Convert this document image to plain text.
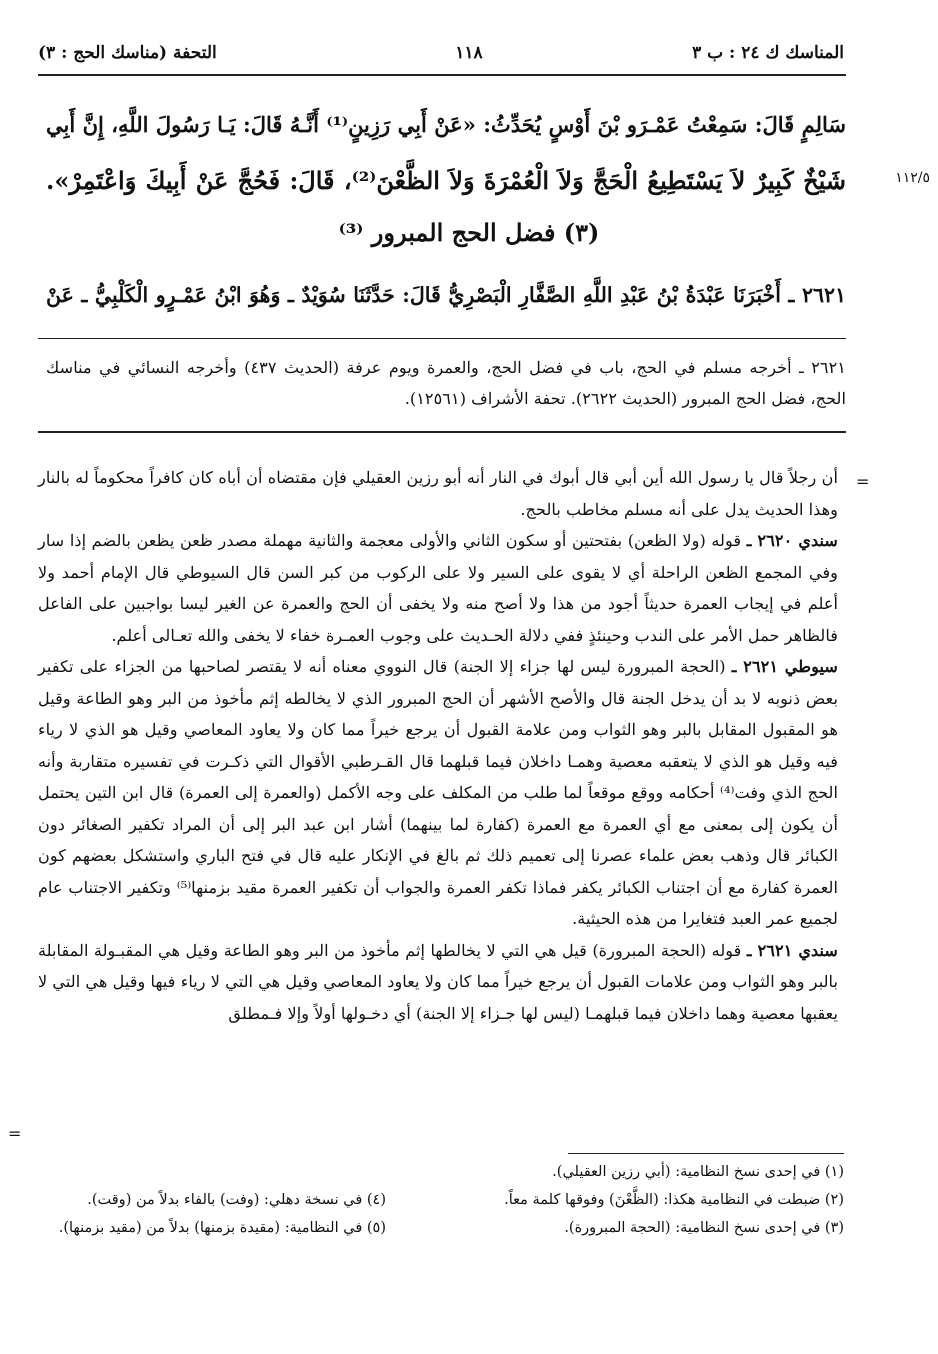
المناسك ك ٢٤ : ب ٣
١١٨
التحفة (مناسك الحج : ٣)
سَالِمٍ قَالَ: سَمِعْتُ عَمْـرَو بْنَ أَوْسٍ يُحَدِّثُ: «عَنْ أَبِي رَزِينٍ⁽¹⁾ أَنَّـهُ قَالَ: يَـا رَسُولَ اللَّهِ، إِنَّ أَبِي
شَيْخٌ كَبِيرٌ لاَ يَسْتَطِيعُ الْحَجَّ وَلاَ الْعُمْرَةَ وَلاَ الظَّعْنَ⁽²⁾، قَالَ: فَحُجَّ عَنْ أَبِيكَ وَاعْتَمِرْ».	١١٢/٥
(٣) فضل الحج المبرور ⁽³⁾
٢٦٢١ ـ أَخْبَرَنَا عَبْدَةُ بْنُ عَبْدِ اللَّهِ الصَّفَّارِ الْبَصْرِيُّ قَالَ: حَدَّثَنَا سُوَيْدٌ ـ وَهُوَ ابْنُ عَمْـرٍو الْكَلْبِيُّ ـ عَنْ
٢٦٢١ ـ أخرجه مسلم في الحج، باب في فضل الحج، والعمرة ويوم عرفة (الحديث ٤٣٧) وأخرجه النسائي في مناسك الحج، فضل الحج المبرور (الحديث ٢٦٢٢). تحفة الأشراف (١٢٥٦١).
=

أن رجلاً قال يا رسول الله أين أبي قال أبوك في النار أنه أبو رزين العقيلي فإن مقتضاه أن أباه كان كافراً محكوماً له بالنار وهذا الحديث يدل على أنه مسلم مخاطب بالحج.

سندي ٢٦٢٠ ـ قوله (ولا الظعن) بفتحتين أو سكون الثاني والأولى معجمة والثانية مهملة مصدر ظعن يظعن بالضم إذا سار وفي المجمع الظعن الراحلة أي لا يقوى على السير ولا على الركوب من كبر السن قال السيوطي قال الإمام أحمد ولا أعلم في إيجاب العمرة حديثاً أجود من هذا ولا أصح منه ولا يخفى أن الحج والعمرة عن الغير ليسا بواجبين على الفاعل فالظاهر حمل الأمر على الندب وحينئذٍ ففي دلالة الحـديث على وجوب العمـرة خفاء لا يخفى والله تعـالى أعلم.

سيوطي ٢٦٢١ ـ (الحجة المبرورة ليس لها جزاء إلا الجنة) قال النووي معناه أنه لا يقتصر لصاحبها من الجزاء على تكفير بعض ذنوبه لا بد أن يدخل الجنة قال والأصح الأشهر أن الحج المبرور الذي لا يخالطه إثم مأخوذ من البر وهو الطاعة وقيل هو المقبول المقابل بالبر وهو الثواب ومن علامة القبول أن يرجع خيراً مما كان ولا يعاود المعاصي وقيل هو الذي لا رياء فيه وقيل هو الذي لا يتعقبه معصية وهمـا داخلان فيما قبلهما قال القـرطبي الأقوال التي ذكـرت في تفسيره متقاربة وأنه الحج الذي وفت⁽⁴⁾ أحكامه ووقع موقعاً لما طلب من المكلف على وجه الأكمل (والعمرة إلى العمرة) قال ابن التين يحتمل أن يكون إلى بمعنى مع أي العمرة مع العمرة (كفارة لما بينهما) أشار ابن عبد البر إلى أن المراد تكفير الصغائر دون الكبائر قال وذهب بعض علماء عصرنا إلى تعميم ذلك ثم بالغ في الإنكار عليه قال في فتح الباري واستشكل بعضهم كون العمرة كفارة مع أن اجتناب الكبائر يكفر فماذا تكفر العمرة والجواب أن تكفير العمرة مقيد بزمنها⁽⁵⁾ وتكفير الاجتناب عام لجميع عمر العبد فتغايرا من هذه الحيثية.

سندي ٢٦٢١ ـ قوله (الحجة المبرورة) قيل هي التي لا يخالطها إثم مأخوذ من البر وهو الطاعة وقيل هي المقبـولة المقابلة بالبر وهو الثواب ومن علامات القبول أن يرجع خيراً مما كان ولا يعاود المعاصي وقيل هي التي لا رياء فيها وقيل هي التي لا يعقبها معصية وهما داخلان فيما قبلهمـا (ليس لها جـزاء إلا الجنة) أي دخـولها أولاً وإلا فـمطلق

=
(١) في إحدى نسخ النظامية: (أبي رزين العقيلي).
(٢) ضبطت في النظامية هكذا: (الظَّعْنَ) وفوقها كلمة معاً.
(٣) في إحدى نسخ النظامية: (الحجة المبرورة).
(٤) في نسخة دهلي: (وفت) بالفاء بدلاً من (وقت).
(٥) في النظامية: (مقيدة بزمنها) بدلاً من (مقيد بزمنها).
